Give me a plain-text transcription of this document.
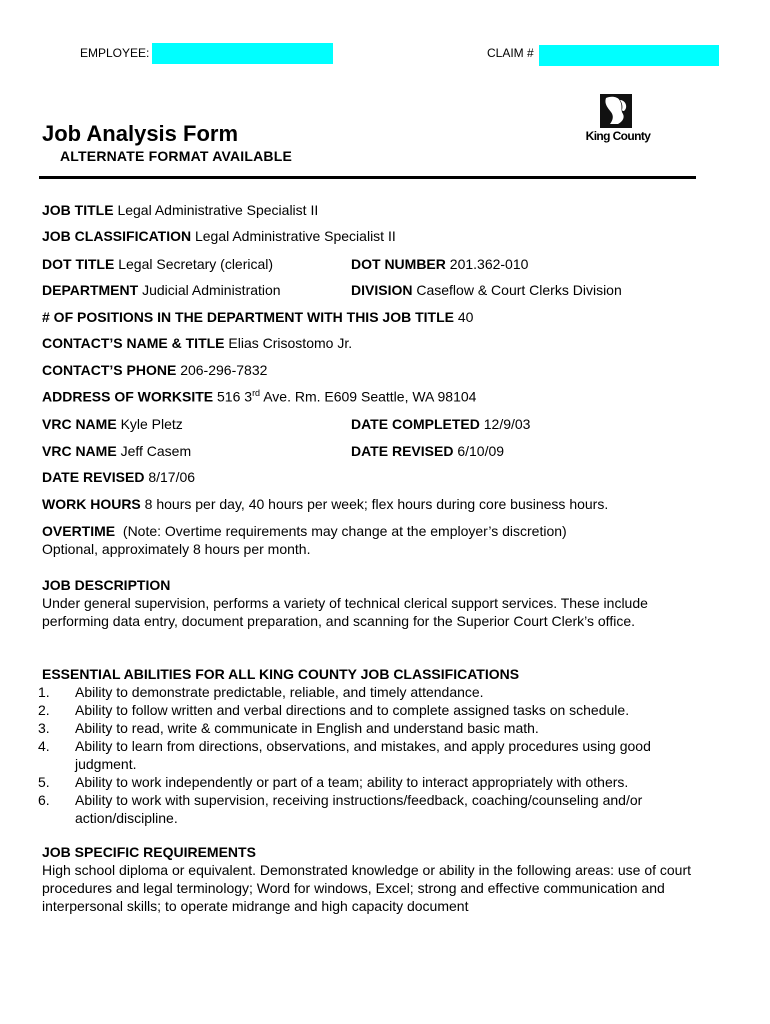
EMPLOYEE:	CLAIM #
King County
Job Analysis Form
ALTERNATE FORMAT AVAILABLE
JOB TITLE Legal Administrative Specialist II
JOB CLASSIFICATION Legal Administrative Specialist II
DOT TITLE Legal Secretary (clerical)	DOT NUMBER 201.362-010
DEPARTMENT Judicial Administration	DIVISION Caseflow & Court Clerks Division
# OF POSITIONS IN THE DEPARTMENT WITH THIS JOB TITLE 40
CONTACT’S NAME & TITLE Elias Crisostomo Jr.
CONTACT’S PHONE 206-296-7832
ADDRESS OF WORKSITE 516 3rd Ave. Rm. E609 Seattle, WA 98104
VRC NAME Kyle Pletz	DATE COMPLETED 12/9/03
VRC NAME Jeff Casem	DATE REVISED 6/10/09
DATE REVISED 8/17/06
WORK HOURS 8 hours per day, 40 hours per week; flex hours during core business hours.
OVERTIME (Note: Overtime requirements may change at the employer’s discretion)
Optional, approximately 8 hours per month.
JOB DESCRIPTION
Under general supervision, performs a variety of technical clerical support services. These include performing data entry, document preparation, and scanning for the Superior Court Clerk’s office.
ESSENTIAL ABILITIES FOR ALL KING COUNTY JOB CLASSIFICATIONS
1. Ability to demonstrate predictable, reliable, and timely attendance.
2. Ability to follow written and verbal directions and to complete assigned tasks on schedule.
3. Ability to read, write & communicate in English and understand basic math.
4. Ability to learn from directions, observations, and mistakes, and apply procedures using good judgment.
5. Ability to work independently or part of a team; ability to interact appropriately with others.
6. Ability to work with supervision, receiving instructions/feedback, coaching/counseling and/or action/discipline.
JOB SPECIFIC REQUIREMENTS
High school diploma or equivalent. Demonstrated knowledge or ability in the following areas: use of court procedures and legal terminology; Word for windows, Excel; strong and effective communication and interpersonal skills; to operate midrange and high capacity document
